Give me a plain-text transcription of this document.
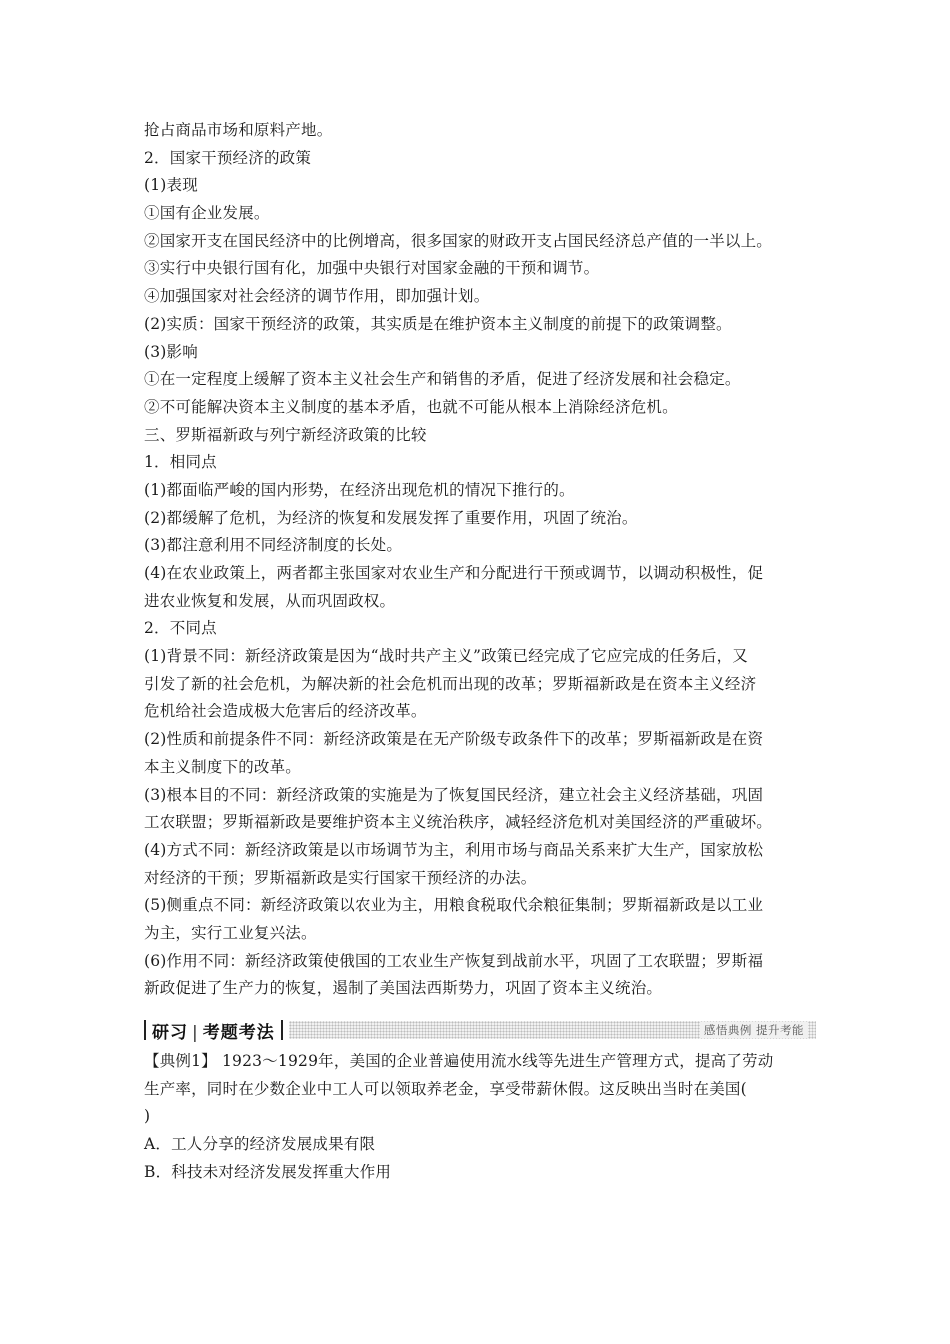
抢占商品市场和原料产地。
2．国家干预经济的政策
(1)表现
①国有企业发展。
②国家开支在国民经济中的比例增高，很多国家的财政开支占国民经济总产值的一半以上。
③实行中央银行国有化，加强中央银行对国家金融的干预和调节。
④加强国家对社会经济的调节作用，即加强计划。
(2)实质：国家干预经济的政策，其实质是在维护资本主义制度的前提下的政策调整。
(3)影响
①在一定程度上缓解了资本主义社会生产和销售的矛盾，促进了经济发展和社会稳定。
②不可能解决资本主义制度的基本矛盾，也就不可能从根本上消除经济危机。
三、罗斯福新政与列宁新经济政策的比较
1．相同点
(1)都面临严峻的国内形势，在经济出现危机的情况下推行的。
(2)都缓解了危机，为经济的恢复和发展发挥了重要作用，巩固了统治。
(3)都注意利用不同经济制度的长处。
(4)在农业政策上，两者都主张国家对农业生产和分配进行干预或调节，以调动积极性，促
进农业恢复和发展，从而巩固政权。
2．不同点
(1)背景不同：新经济政策是因为“战时共产主义”政策已经完成了它应完成的任务后，又
引发了新的社会危机，为解决新的社会危机而出现的改革；罗斯福新政是在资本主义经济
危机给社会造成极大危害后的经济改革。
(2)性质和前提条件不同：新经济政策是在无产阶级专政条件下的改革；罗斯福新政是在资
本主义制度下的改革。
(3)根本目的不同：新经济政策的实施是为了恢复国民经济，建立社会主义经济基础，巩固
工农联盟；罗斯福新政是要维护资本主义统治秩序，减轻经济危机对美国经济的严重破坏。
(4)方式不同：新经济政策是以市场调节为主，利用市场与商品关系来扩大生产，国家放松
对经济的干预；罗斯福新政是实行国家干预经济的办法。
(5)侧重点不同：新经济政策以农业为主，用粮食税取代余粮征集制；罗斯福新政是以工业
为主，实行工业复兴法。
(6)作用不同：新经济政策使俄国的工农业生产恢复到战前水平，巩固了工农联盟；罗斯福
新政促进了生产力的恢复，遏制了美国法西斯势力，巩固了资本主义统治。
研习 | 考题考法	感悟典例 提升考能
【典例1】 1923～1929年，美国的企业普遍使用流水线等先进生产管理方式，提高了劳动
生产率，同时在少数企业中工人可以领取养老金，享受带薪休假。这反映出当时在美国(
)
A．工人分享的经济发展成果有限
B．科技未对经济发展发挥重大作用
